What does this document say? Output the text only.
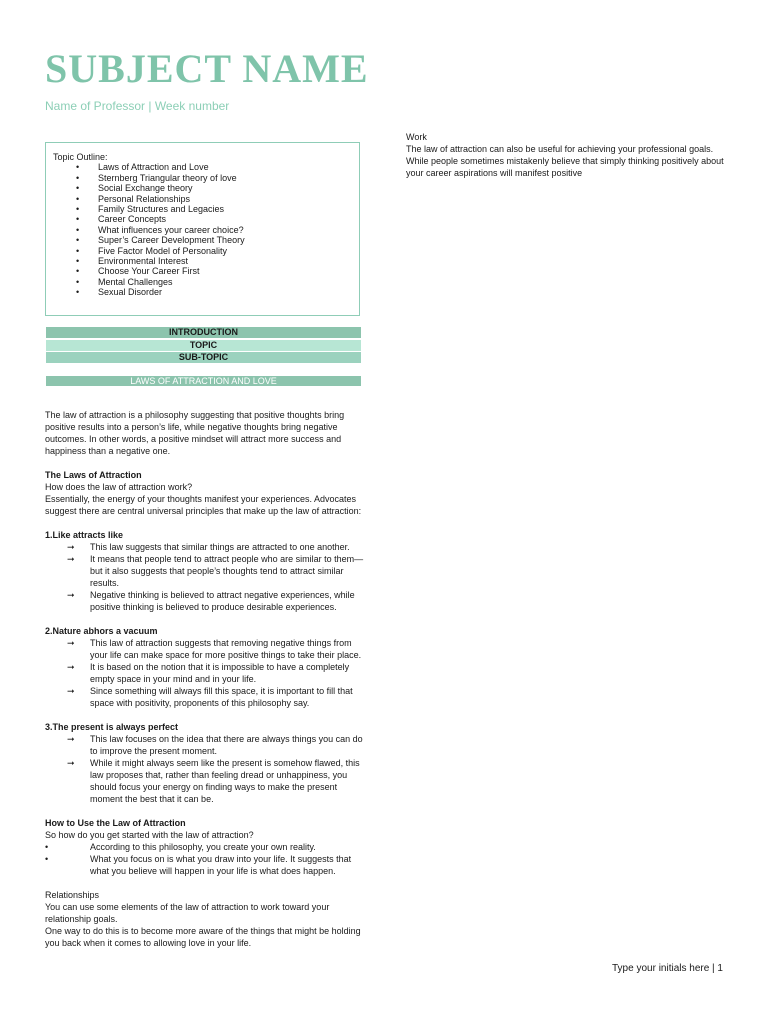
SUBJECT NAME
Name of Professor | Week number
Topic Outline:
• Laws of Attraction and Love
• Sternberg Triangular theory of love
• Social Exchange theory
• Personal Relationships
• Family Structures and Legacies
• Career Concepts
• What influences your career choice?
• Super’s Career Development Theory
• Five Factor Model of Personality
• Environmental Interest
• Choose Your Career First
• Mental Challenges
• Sexual Disorder
INTRODUCTION
TOPIC
SUB-TOPIC
LAWS OF ATTRACTION AND LOVE

The law of attraction is a philosophy suggesting that positive thoughts bring positive results into a person’s life, while negative thoughts bring negative outcomes. In other words, a positive mindset will attract more success and happiness than a negative one.

The Laws of Attraction

How does the law of attraction work?

Essentially, the energy of your thoughts manifest your experiences. Advocates suggest there are central universal principles that make up the law of attraction:

1.Like attracts like

➞ This law suggests that similar things are attracted to one another.
➞ It means that people tend to attract people who are similar to them—but it also suggests that people’s thoughts tend to attract similar results.
➞ Negative thinking is believed to attract negative experiences, while positive thinking is believed to produce desirable experiences.

2.Nature abhors a vacuum

➞ This law of attraction suggests that removing negative things from your life can make space for more positive things to take their place.
➞ It is based on the notion that it is impossible to have a completely empty space in your mind and in your life.
➞ Since something will always fill this space, it is important to fill that space with positivity, proponents of this philosophy say.

3.The present is always perfect

➞ This law focuses on the idea that there are always things you can do to improve the present moment.
➞ While it might always seem like the present is somehow flawed, this law proposes that, rather than feeling dread or unhappiness, you should focus your energy on finding ways to make the present moment the best that it can be.

How to Use the Law of Attraction

So how do you get started with the law of attraction?

•	According to this philosophy, you create your own reality.

•	What you focus on is what you draw into your life. It suggests that what you believe will happen in your life is what does happen.

Relationships

You can use some elements of the law of attraction to work toward your relationship goals.

One way to do this is to become more aware of the things that might be holding you back when it comes to allowing love in your life.

Work

The law of attraction can also be useful for achieving your professional goals.

While people sometimes mistakenly believe that simply thinking positively about your career aspirations will manifest positive

Type your initials here | 1
